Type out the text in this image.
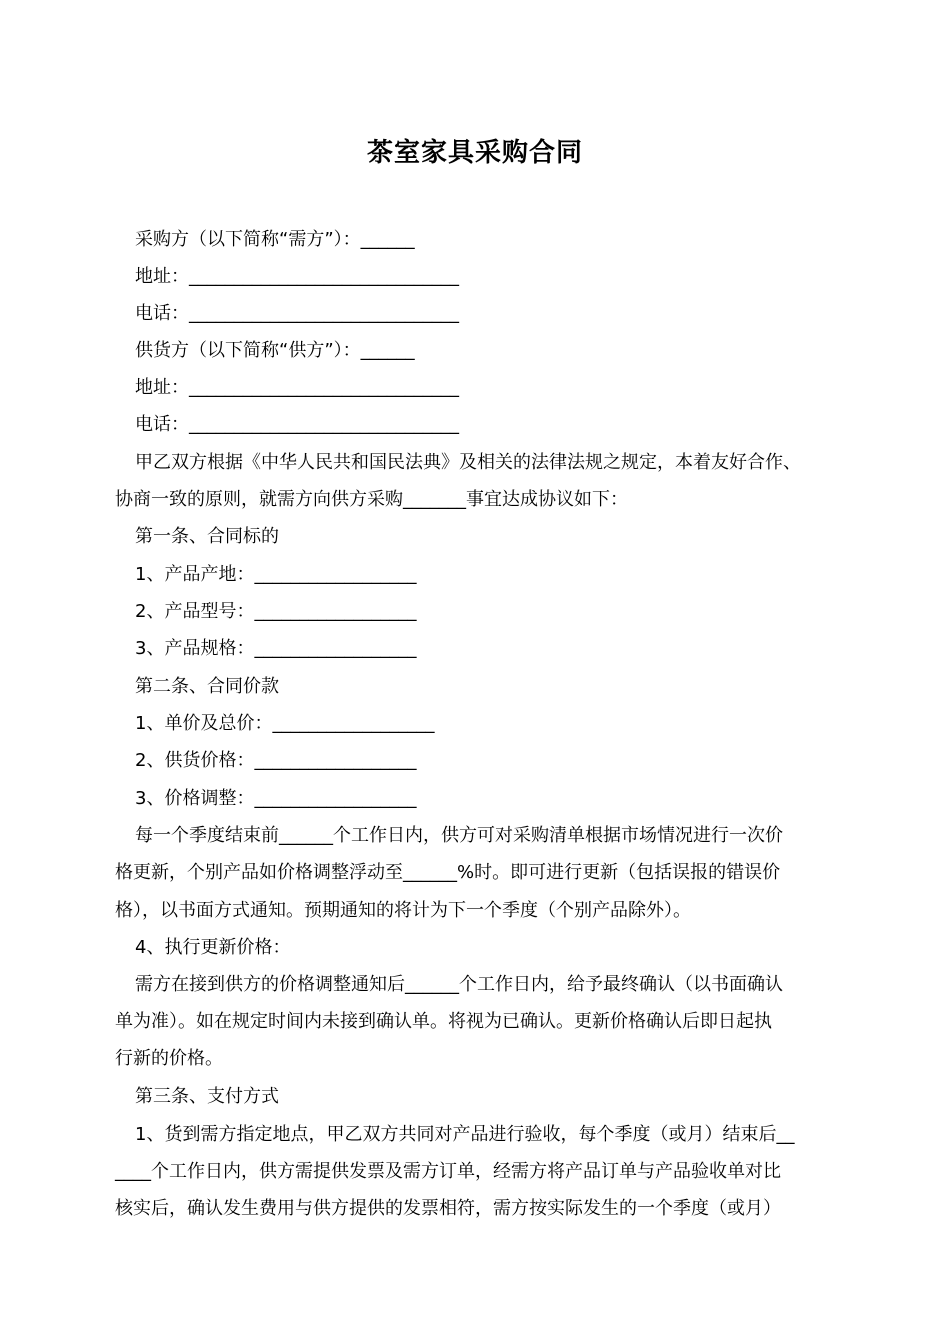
茶室家具采购合同
采购方（以下简称“需方”）：______
地址：______________________________
电话：______________________________
供货方（以下简称“供方”）：______
地址：______________________________
电话：______________________________
甲乙双方根据《中华人民共和国民法典》及相关的法律法规之规定，本着友好合作、
协商一致的原则，就需方向供方采购_______事宜达成协议如下：
第一条、合同标的
1、产品产地：__________________
2、产品型号：__________________
3、产品规格：__________________
第二条、合同价款
1、单价及总价：__________________
2、供货价格：__________________
3、价格调整：__________________
每一个季度结束前______个工作日内，供方可对采购清单根据市场情况进行一次价
格更新，个别产品如价格调整浮动至______%时。即可进行更新（包括误报的错误价
格），以书面方式通知。预期通知的将计为下一个季度（个别产品除外）。
4、执行更新价格：
需方在接到供方的价格调整通知后______个工作日内，给予最终确认（以书面确认
单为准）。如在规定时间内未接到确认单。将视为已确认。更新价格确认后即日起执
行新的价格。
第三条、支付方式
1、货到需方指定地点，甲乙双方共同对产品进行验收，每个季度（或月）结束后__
____个工作日内，供方需提供发票及需方订单，经需方将产品订单与产品验收单对比
核实后，确认发生费用与供方提供的发票相符，需方按实际发生的一个季度（或月）
